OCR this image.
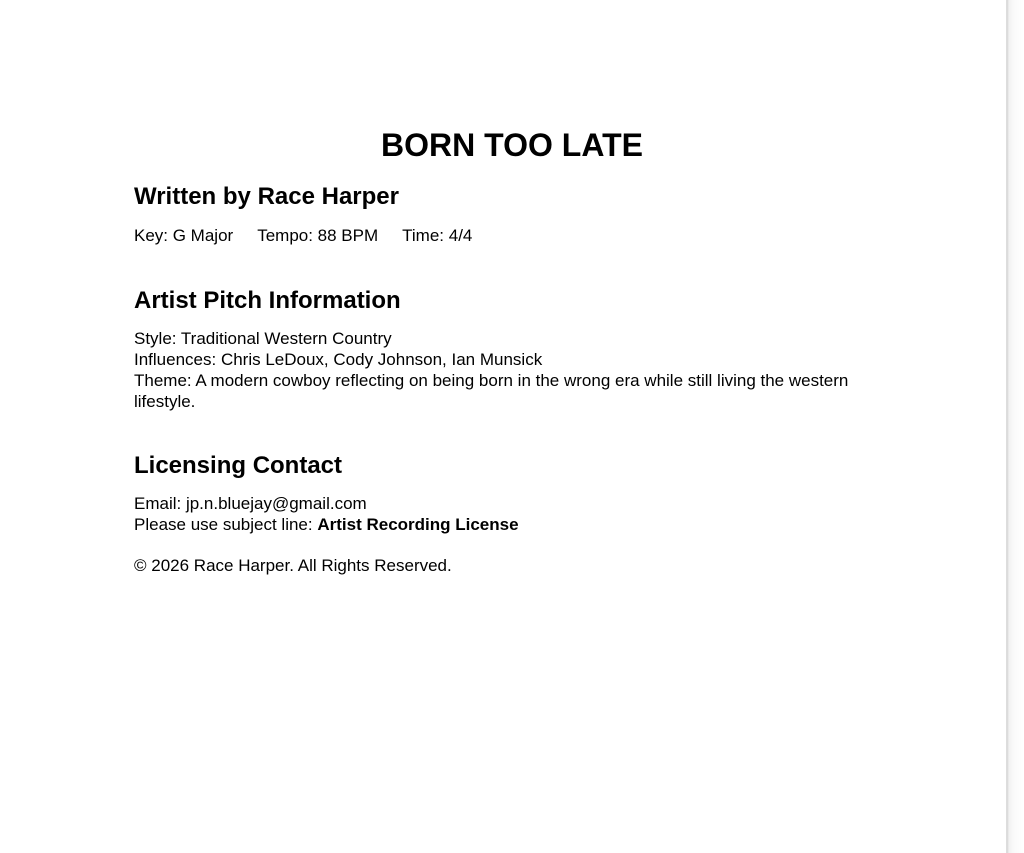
BORN TOO LATE
Written by Race Harper

Key: G Major Tempo: 88 BPM Time: 4/4

Artist Pitch Information

Style: Traditional Western Country

Influences: Chris LeDoux, Cody Johnson, Ian Munsick

Theme: A modern cowboy reflecting on being born in the wrong era while still living the western lifestyle.

Licensing Contact

Email: jp.n.bluejay@gmail.com

Please use subject line: Artist Recording License

© 2026 Race Harper. All Rights Reserved.
